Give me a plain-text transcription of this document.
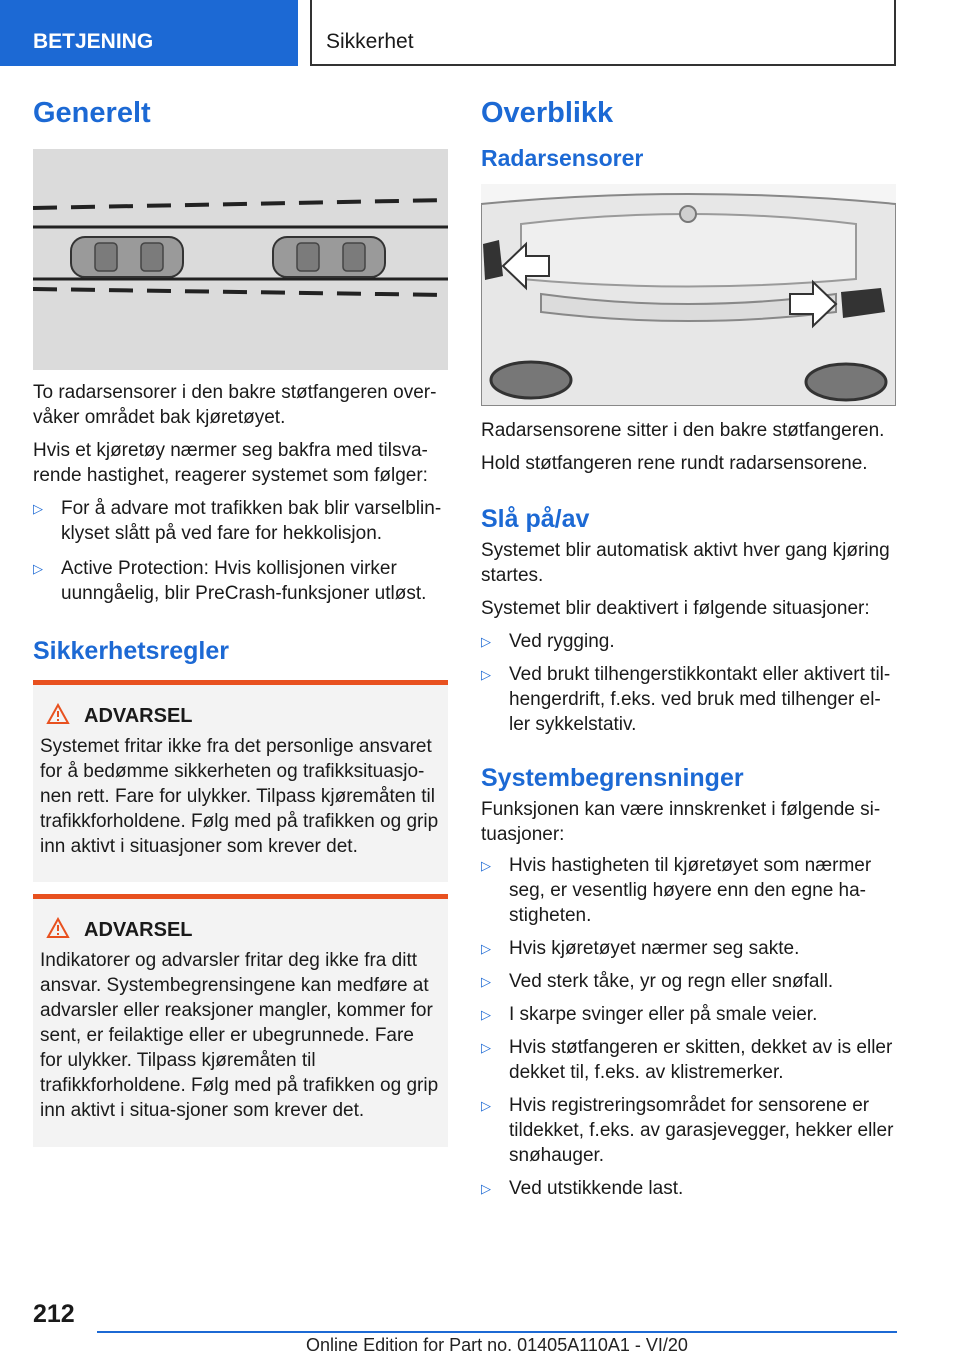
BETJENING	Sikkerhet
Generelt

To radarsensorer i den bakre støtfangeren over-våker området bak kjøretøyet.

Hvis et kjøretøy nærmer seg bakfra med tilsva-rende hastighet, reagerer systemet som følger:

▷ For å advare mot trafikken bak blir varselblin-klyset slått på ved fare for hekkolisjon.
▷ Active Protection: Hvis kollisjonen virker uunngåelig, blir PreCrash-funksjoner utløst.
Sikkerhetsregler
ADVARSEL

Systemet fritar ikke fra det personlige ansvaret for å bedømme sikkerheten og trafikksituasjo-nen rett. Fare for ulykker. Tilpass kjøremåten til trafikkforholdene. Følg med på trafikken og grip inn aktivt i situasjoner som krever det.

ADVARSEL

Indikatorer og advarsler fritar deg ikke fra ditt ansvar. Systembegrensingene kan medføre at advarsler eller reaksjoner mangler, kommer for sent, er feilaktige eller er ubegrunnede. Fare for ulykker. Tilpass kjøremåten til trafikkforholdene. Følg med på trafikken og grip inn aktivt i situa-sjoner som krever det.

Overblikk
Radarsensorer

Radarsensorene sitter i den bakre støtfangeren.

Hold støtfangeren rene rundt radarsensorene.

Slå på/av

Systemet blir automatisk aktivt hver gang kjøring startes.

Systemet blir deaktivert i følgende situasjoner:

▷ Ved rygging.
▷ Ved brukt tilhengerstikkontakt eller aktivert til-hengerdrift, f.eks. ved bruk med tilhenger el-ler sykkelstativ.
Systembegrensninger

Funksjonen kan være innskrenket i følgende si-tuasjoner:

▷ Hvis hastigheten til kjøretøyet som nærmer seg, er vesentlig høyere enn den egne ha-stigheten.
▷ Hvis kjøretøyet nærmer seg sakte.
▷ Ved sterk tåke, yr og regn eller snøfall.
▷ I skarpe svinger eller på smale veier.
▷ Hvis støtfangeren er skitten, dekket av is eller dekket til, f.eks. av klistremerker.
▷ Hvis registreringsområdet for sensorene er tildekket, f.eks. av garasjevegger, hekker eller snøhauger.
▷ Ved utstikkende last.
212
Online Edition for Part no. 01405A110A1 - VI/20
